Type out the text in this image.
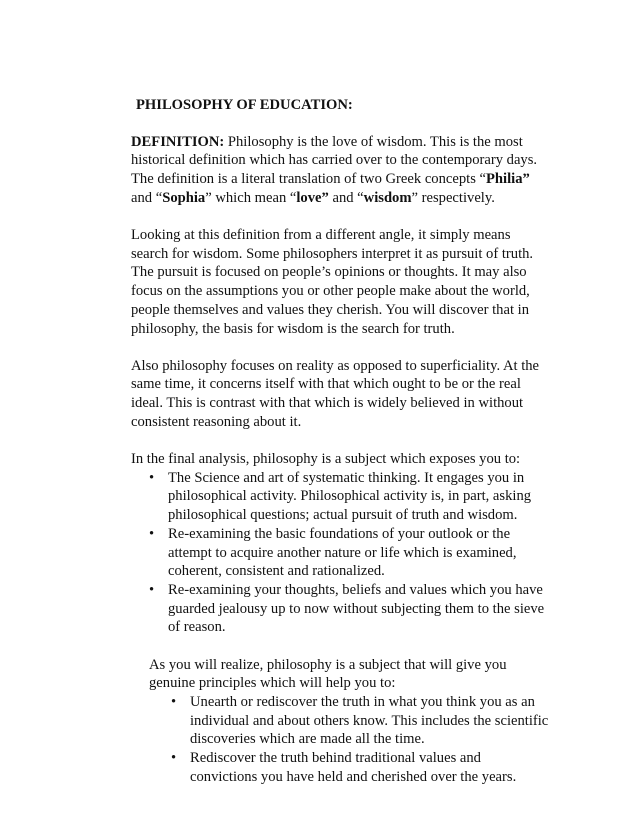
PHILOSOPHY OF EDUCATION:

DEFINITION: Philosophy is the love of wisdom. This is the most historical definition which has carried over to the contemporary days. The definition is a literal translation of two Greek concepts “Philia” and “Sophia” which mean “love” and “wisdom” respectively.

Looking at this definition from a different angle, it simply means search for wisdom. Some philosophers interpret it as pursuit of truth. The pursuit is focused on people’s opinions or thoughts. It may also focus on the assumptions you or other people make about the world, people themselves and values they cherish. You will discover that in philosophy, the basis for wisdom is the search for truth.

Also philosophy focuses on reality as opposed to superficiality. At the same time, it concerns itself with that which ought to be or the real ideal. This is contrast with that which is widely believed in without consistent reasoning about it.

In the final analysis, philosophy is a subject which exposes you to:

• The Science and art of systematic thinking. It engages you in philosophical activity. Philosophical activity is, in part, asking philosophical questions; actual pursuit of truth and wisdom.
• Re-examining the basic foundations of your outlook or the attempt to acquire another nature or life which is examined, coherent, consistent and rationalized.
• Re-examining your thoughts, beliefs and values which you have guarded jealousy up to now without subjecting them to the sieve of reason.

As you will realize, philosophy is a subject that will give you genuine principles which will help you to:

• Unearth or rediscover the truth in what you think you as an individual and about others know. This includes the scientific discoveries which are made all the time.
• Rediscover the truth behind traditional values and convictions you have held and cherished over the years.
